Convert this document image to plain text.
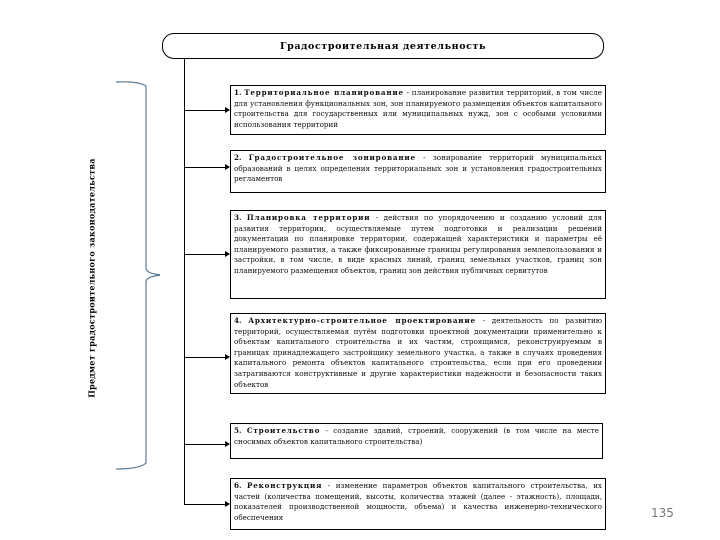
Градостроительная деятельность
1. Территориальное планирование - планирование развития территорий, в том числе для установления функциональных зон, зон планируемого размещения объектов капитального строительства для государственных или муниципальных нужд, зон с особыми условиями использования территорий
2. Градостроительное зонирование - зонирование территорий муниципальных образований в целях определения территориальных зон и установления градостроительных регламентов
3. Планировка территории - действия по упорядочению и созданию условий для развития территории, осуществляемые путем подготовки и реализации решений документации по планировке территории, содержащей характеристики и параметры её планируемого развития, а также фиксированные границы регулирования землепользования и застройки, в том числе, в виде красных линий, границ земельных участков, границ зон планируемого размещения объектов, границ зон действия публичных сервитутов
4. Архитектурно-строительное проектирование - деятельность по развитию территорий, осуществляемая путём подготовки проектной документации применительно к объектам капитального строительства и их частям, строящимся, реконструируемым в границах принадлежащего застройщику земельного участка, а также в случаях проведения капитального ремонта объектов капитального строительства, если при его проведении затрагиваются конструктивные и другие характеристики надежности и безопасности таких объектов
5. Строительство - создание зданий, строений, сооружений (в том числе на месте сносимых объектов капитального строительства)
6. Реконструкция - изменение параметров объектов капитального строительства, их частей (количества помещений, высоты, количества этажей (далее - этажность), площади, показателей производственной мощности, объема) и качества инженерно-технического обеспечения
Предмет градостроительного законодательства
135
